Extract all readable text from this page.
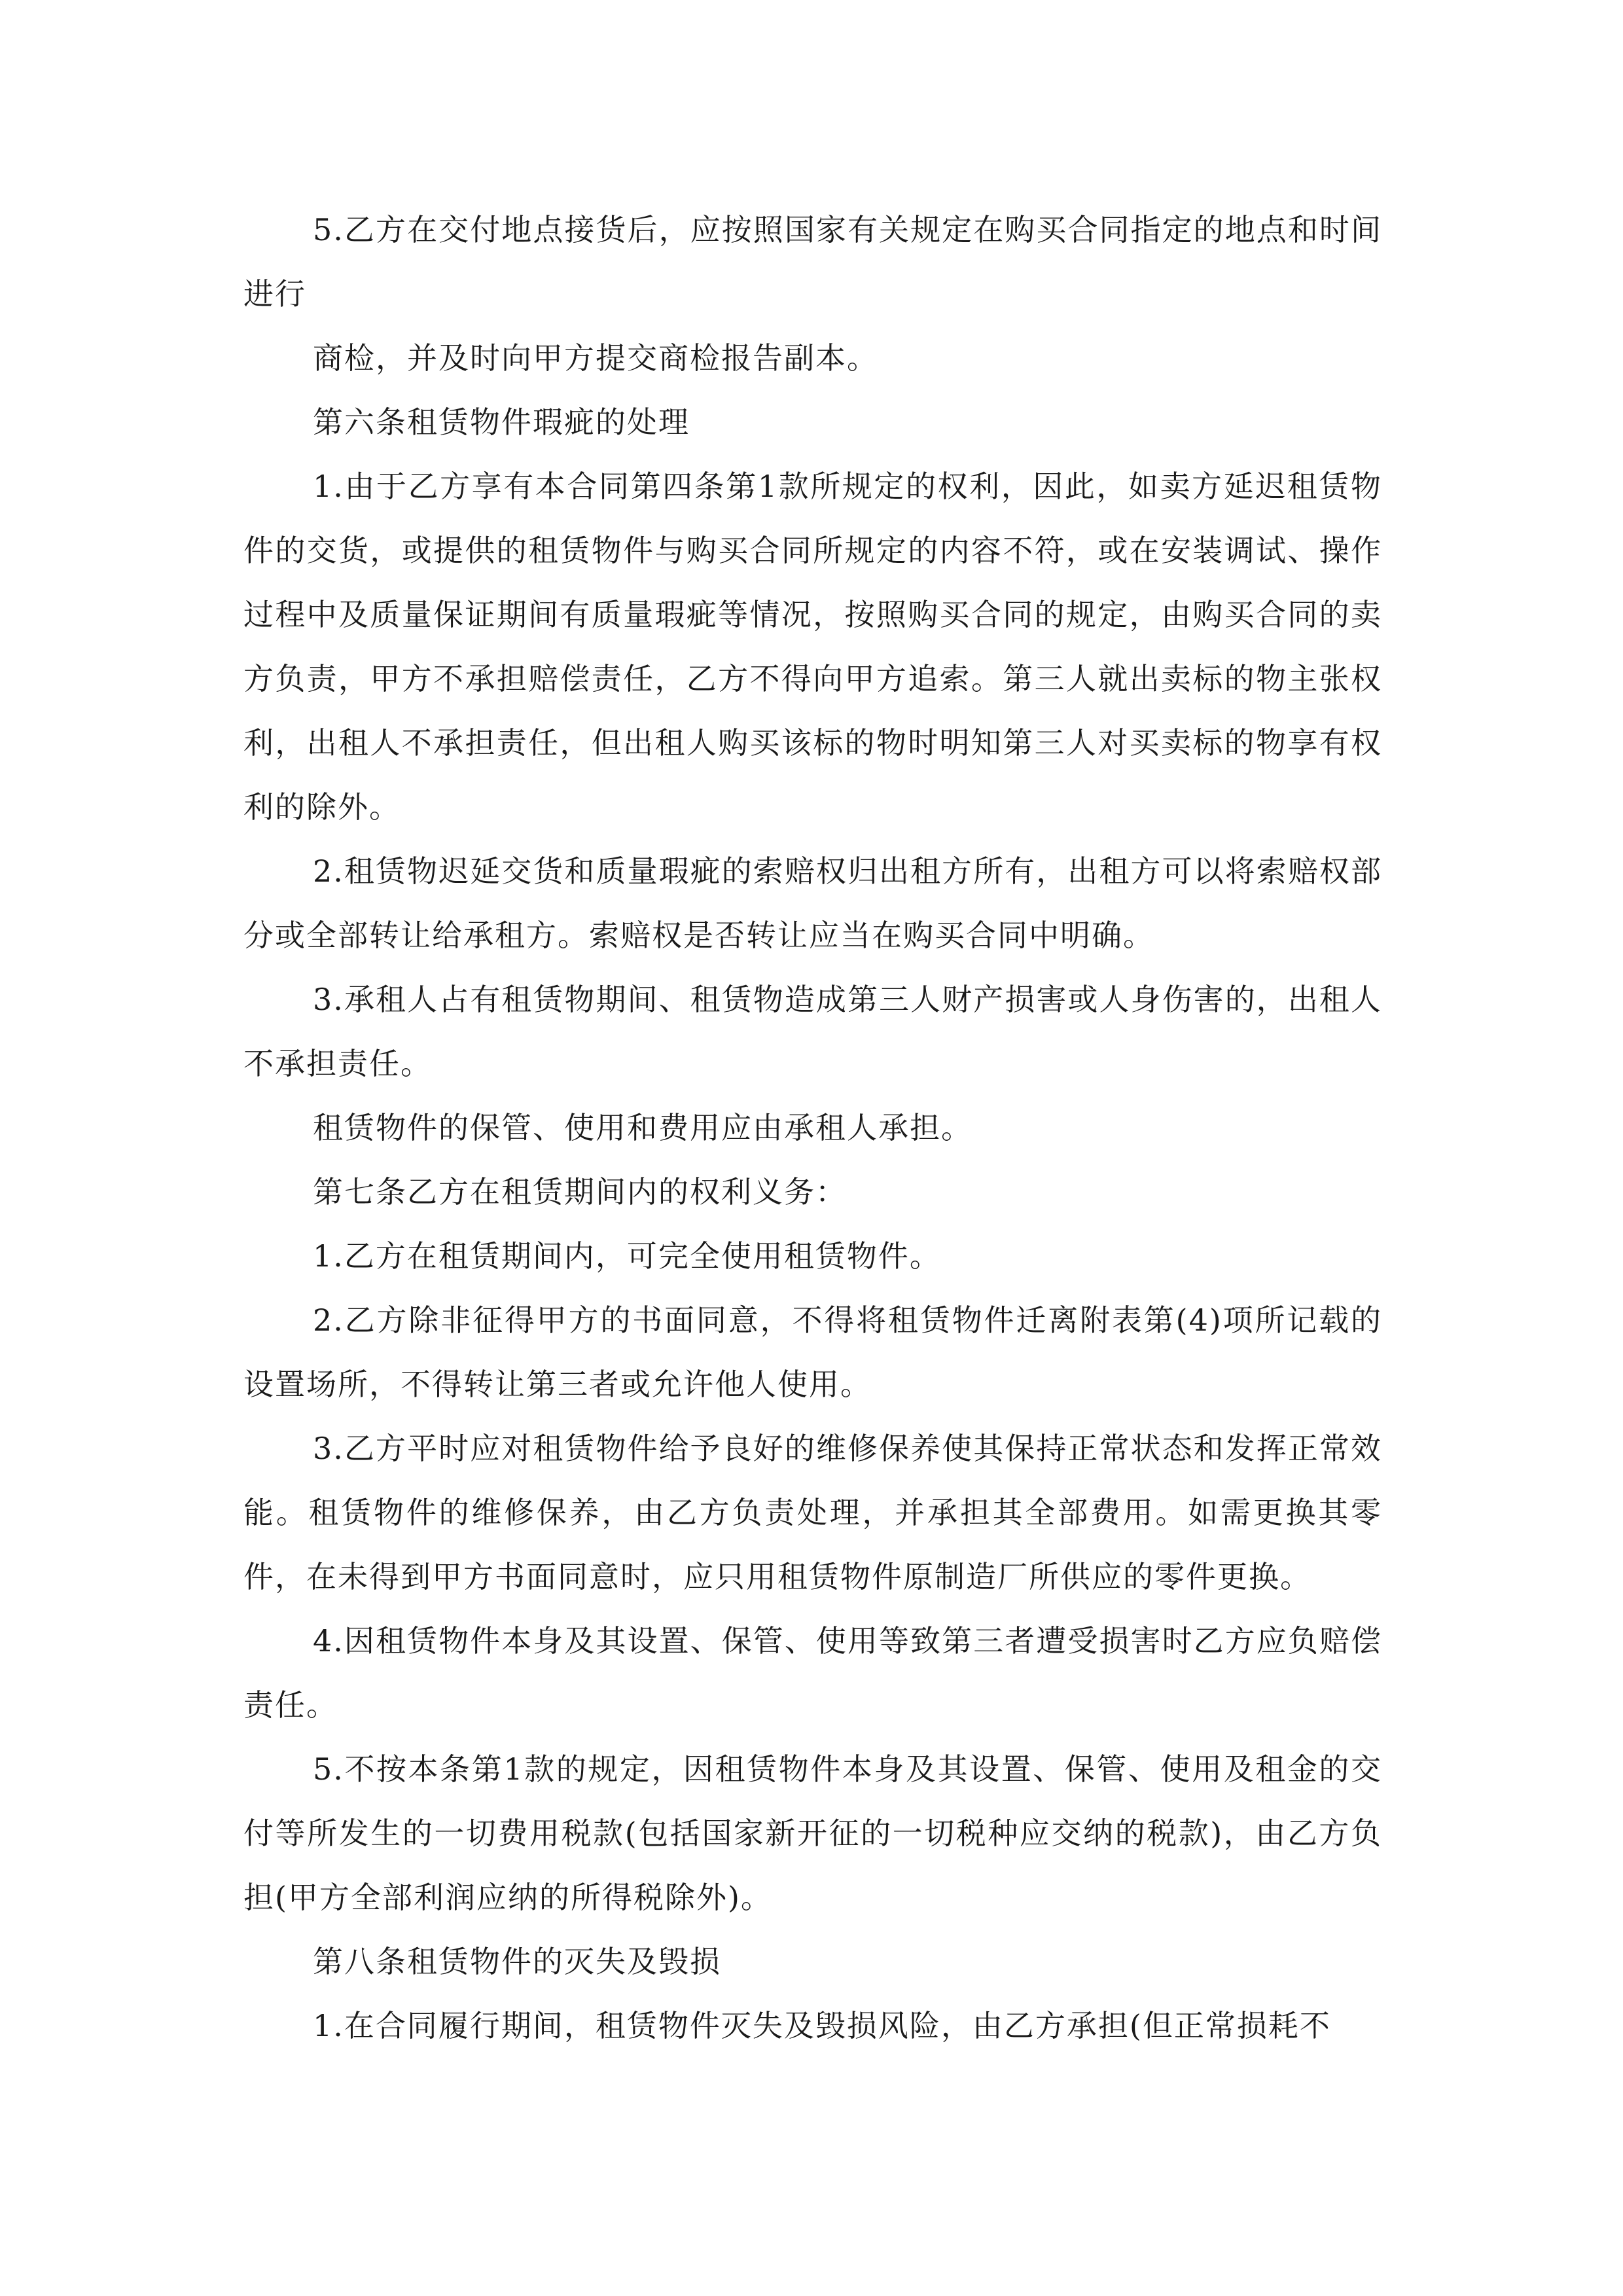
5.乙方在交付地点接货后，应按照国家有关规定在购买合同指定的地点和时间进行

商检，并及时向甲方提交商检报告副本。

第六条租赁物件瑕疵的处理

1.由于乙方享有本合同第四条第1款所规定的权利，因此，如卖方延迟租赁物件的交货，或提供的租赁物件与购买合同所规定的内容不符，或在安装调试、操作过程中及质量保证期间有质量瑕疵等情况，按照购买合同的规定，由购买合同的卖方负责，甲方不承担赔偿责任，乙方不得向甲方追索。第三人就出卖标的物主张权利，出租人不承担责任，但出租人购买该标的物时明知第三人对买卖标的物享有权利的除外。

2.租赁物迟延交货和质量瑕疵的索赔权归出租方所有，出租方可以将索赔权部分或全部转让给承租方。索赔权是否转让应当在购买合同中明确。

3.承租人占有租赁物期间、租赁物造成第三人财产损害或人身伤害的，出租人不承担责任。

租赁物件的保管、使用和费用应由承租人承担。

第七条乙方在租赁期间内的权利义务：

1.乙方在租赁期间内，可完全使用租赁物件。

2.乙方除非征得甲方的书面同意，不得将租赁物件迁离附表第(4)项所记载的设置场所，不得转让第三者或允许他人使用。

3.乙方平时应对租赁物件给予良好的维修保养使其保持正常状态和发挥正常效能。租赁物件的维修保养，由乙方负责处理，并承担其全部费用。如需更换其零件，在未得到甲方书面同意时，应只用租赁物件原制造厂所供应的零件更换。

4.因租赁物件本身及其设置、保管、使用等致第三者遭受损害时乙方应负赔偿责任。

5.不按本条第1款的规定，因租赁物件本身及其设置、保管、使用及租金的交付等所发生的一切费用税款(包括国家新开征的一切税种应交纳的税款)，由乙方负担(甲方全部利润应纳的所得税除外)。

第八条租赁物件的灭失及毁损

1.在合同履行期间，租赁物件灭失及毁损风险，由乙方承担(但正常损耗不
